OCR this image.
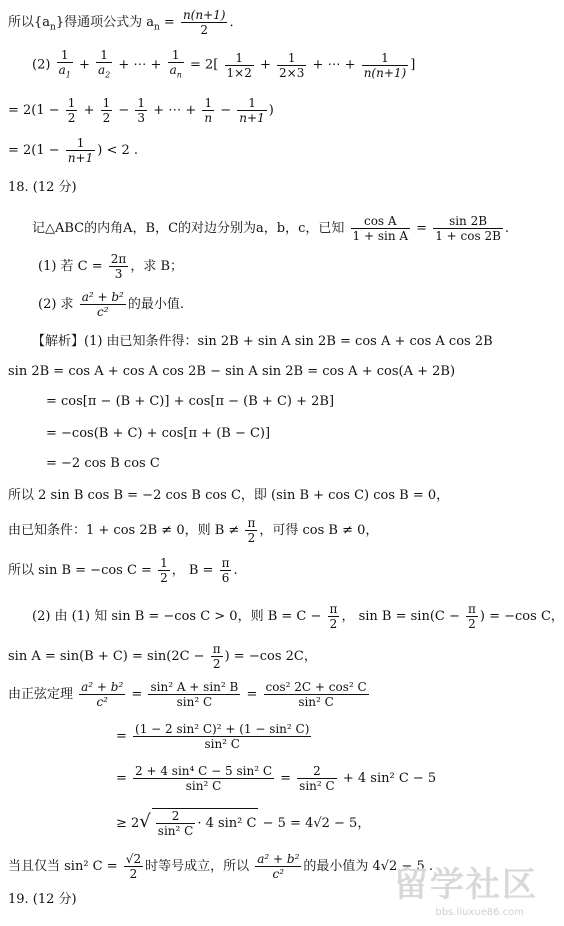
所以$\{a_n\}$得通项公式为 $a_n = \frac{n(n+1)}{2}$ ．
$(2) \frac{1}{a_1} + \frac{1}{a_2}$ + ⋯ + $\frac{1}{a_n} = 2[ \frac{1}{1\times 2} + \frac{1}{2\times 3}$ + ⋯ + $\frac{1}{n(n+1)}$ ]
= $2(1 - \frac{1}{2} + \frac{1}{2} - \frac{1}{3}$ + ⋯ + $\frac{1}{n} - \frac{1}{n+1}$ )
= $2(1 - \frac{1}{n+1}$ ) < 2 .
18. (12 分)
记△ABC的内角A，B，C的对边分别为a，b，c，已知 $\frac{\text{cos A}}{\text{1 + sin A}} = \frac{\sin 2B}{1 + \cos 2B}$ .
(1) 若 $C = \frac{2\pi}{3}$ ，求 B；
(2) 求 $\frac{\text{a² + b²}}{\text{c²}}$ 的最小值.
【解析】(1) 由已知条件得：sin 2B + sin A sin 2B = cos A + cos A cos 2B
sin 2B = cos A + cos A cos 2B − sin A sin 2B = cos A + cos(A + 2B)
= cos[π − (B + C)] + cos[π − (B + C) + 2B]
= −cos(B + C) + cos[π + (B − C)]
= −2 cos B cos C
所以 2 sin B cos B = −2 cos B cos C，即 (sin B + cos C) cos B = 0，
由已知条件：1 + cos 2B ≠ 0，则 $B \ne \frac{\pi}{2}$ ，可得 cos B ≠ 0，
所以 sin B = −cos $C = \frac{1}{2}$ ， $B = \frac{\pi}{6}$ .
(2) 由 (1) 知 sin B = −cos C > 0，则 $B = C - \frac{\pi}{2}$ ， $\sin B = \sin(C - \frac{\pi}{2}$ ) = −cos C，
$\sin A = \sin(B + C) = \sin(2C - \frac{\pi}{2}$ ) = −cos 2C，
由正弦定理 $\frac{\text{a² + b²}}{\text{c²}} = \frac{\text{sin² A + sin² B}}{\text{sin² C}} = \frac{\text{cos² 2C + cos² C}}{\text{sin² C}}$
= $\frac{\text{(1 − 2 sin² C)² + (1 − sin² C)}}{\text{sin² C}}$
= $\frac{\text{2 + 4 sin⁴ C − 5 sin² C}}{\text{sin² C}} = \frac{2}{\text{sin² C}} + 4$ sin² C − 5
≥ $2√ \frac{2}{\text{sin² C}} \cdot 4$ sin² C − 5 = 4√2 − 5，
当且仅当 sin² $C = \frac{√2}{2}$ 时等号成立，所以 $\frac{\text{a² + b²}}{\text{c²}}$ 的最小值为 4√2 − 5 .
19. (12 分)	留学社区
bbs.liuxue86.com
